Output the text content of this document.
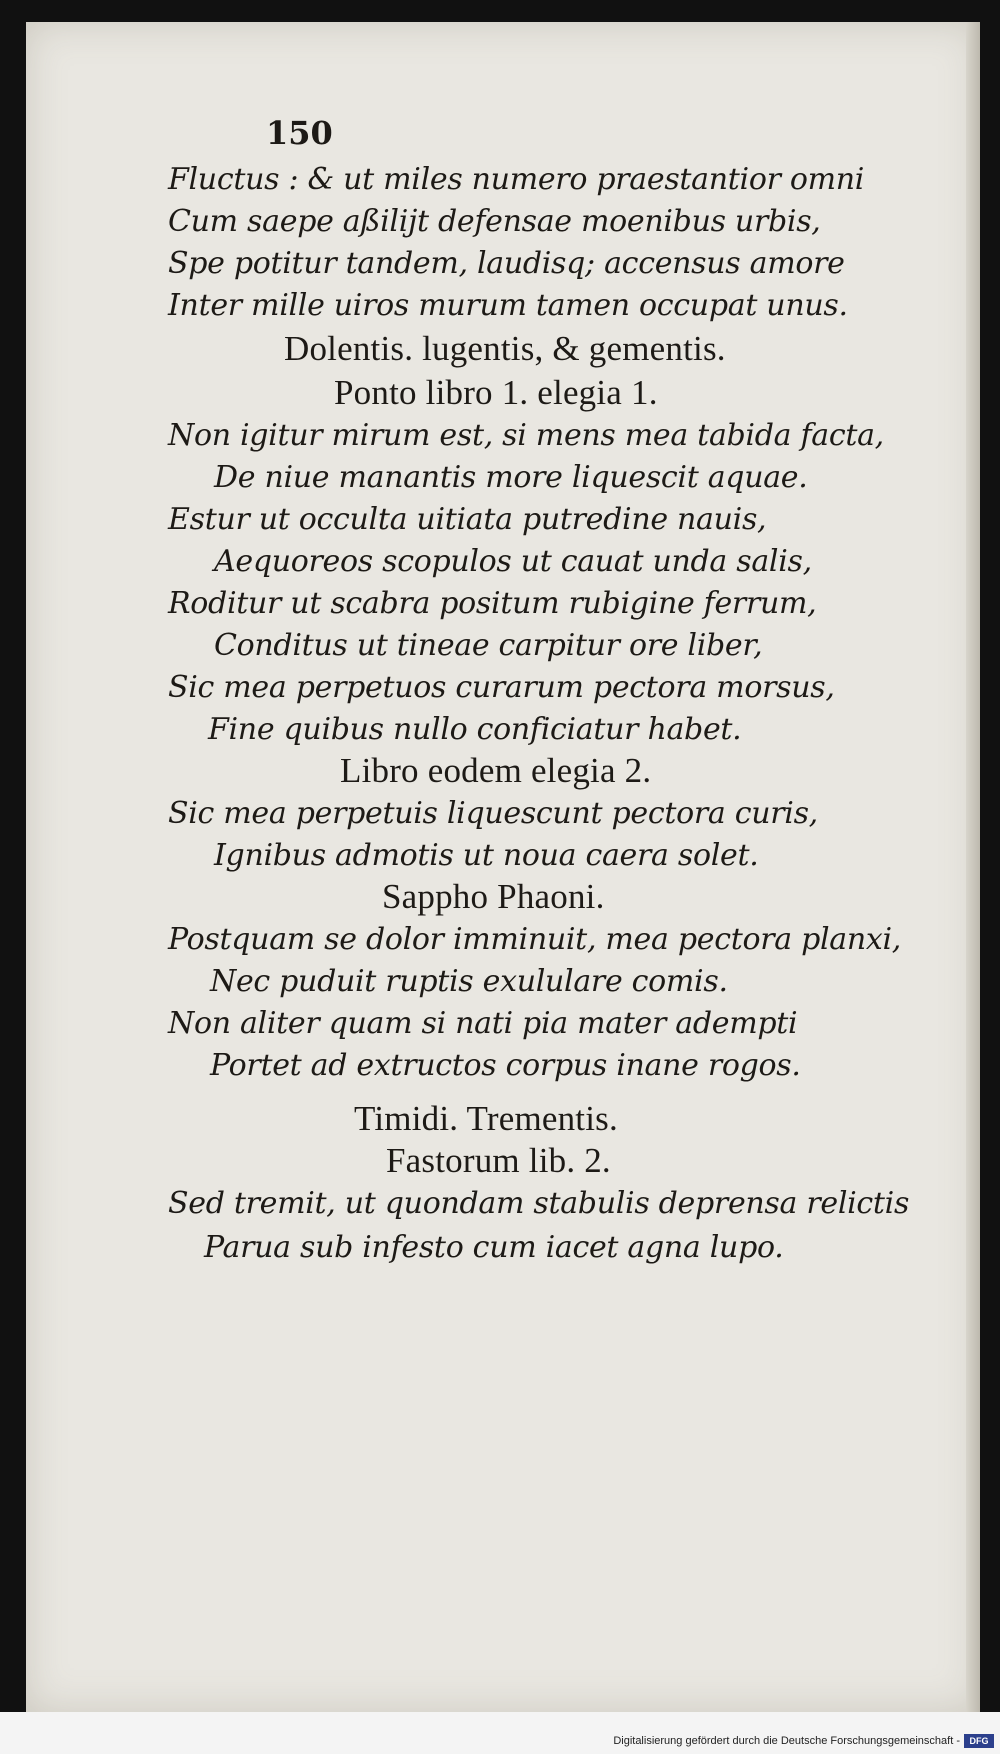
150
Fluctus : & ut miles numero praestantior omni
Cum saepe aßilijt defensae moenibus urbis,
Spe potitur tandem, laudisq; accensus amore
Inter mille uiros murum tamen occupat unus.
Dolentis. lugentis, & gementis.
Ponto libro 1. elegia 1.
Non igitur mirum est, si mens mea tabida facta,
De niue manantis more liquescit aquae.
Estur ut occulta uitiata putredine nauis,
Aequoreos scopulos ut cauat unda salis,
Roditur ut scabra positum rubigine ferrum,
Conditus ut tineae carpitur ore liber,
Sic mea perpetuos curarum pectora morsus,
Fine quibus nullo conficiatur habet.
Libro eodem elegia 2.
Sic mea perpetuis liquescunt pectora curis,
Ignibus admotis ut noua caera solet.
Sappho Phaoni.
Postquam se dolor imminuit, mea pectora planxi,
Nec puduit ruptis exululare comis.
Non aliter quam si nati pia mater adempti
Portet ad extructos corpus inane rogos.
Timidi. Trementis.
Fastorum lib. 2.
Sed tremit, ut quondam stabulis deprensa relictis
Parua sub infesto cum iacet agna lupo.
Digitalisierung gefördert durch die Deutsche Forschungsgemeinschaft -	DFG
